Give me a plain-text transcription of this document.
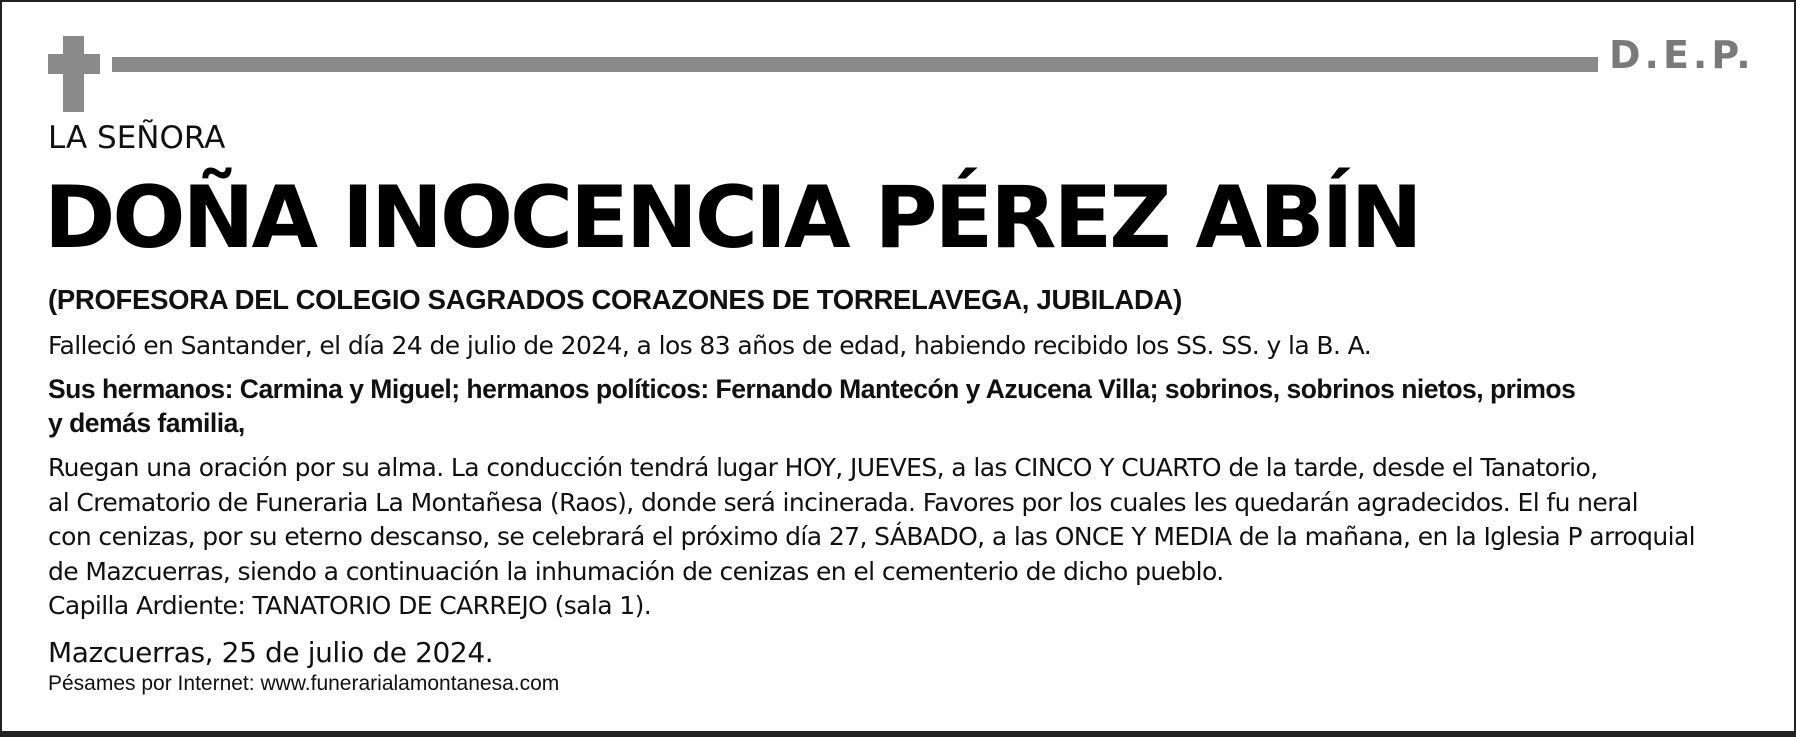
D.E.P.
LA SEÑORA
DOÑA INOCENCIA PÉREZ ABÍN
(PROFESORA DEL COLEGIO SAGRADOS CORAZONES DE TORRELAVEGA, JUBILADA)
Falleció en Santander, el día 24 de julio de 2024, a los 83 años de edad, habiendo recibido los SS. SS. y la B. A.
Sus hermanos: Carmina y Miguel; hermanos políticos: Fernando Mantecón y Azucena Villa; sobrinos, sobrinos nietos, primos
y demás familia,
Ruegan una oración por su alma. La conducción tendrá lugar HOY, JUEVES, a las CINCO Y CUARTO de la tarde, desde el Tanatorio,
al Crematorio de Funeraria La Montañesa (Raos), donde será incinerada. Favores por los cuales les quedarán agradecidos. El fu neral
con cenizas, por su eterno descanso, se celebrará el próximo día 27, SÁBADO, a las ONCE Y MEDIA de la mañana, en la Iglesia P arroquial
de Mazcuerras, siendo a continuación la inhumación de cenizas en el cementerio de dicho pueblo.
Capilla Ardiente: TANATORIO DE CARREJO (sala 1).
Mazcuerras, 25 de julio de 2024.
Pésames por Internet: www.funerarialamontanesa.com
